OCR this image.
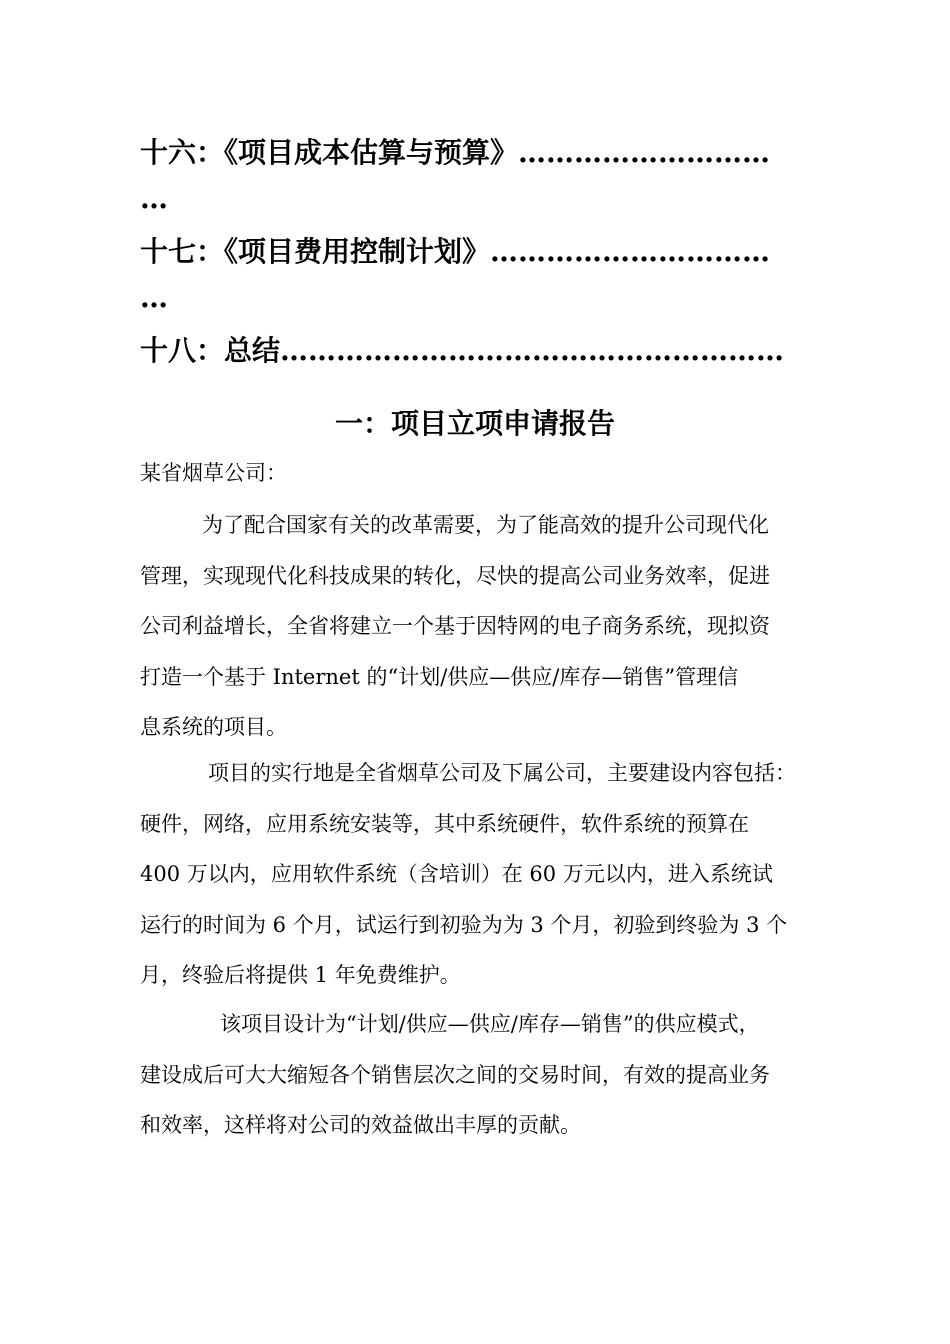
十六：《项目成本估算与预算》………………………
…
十七：《项目费用控制计划》…………………………
…
十八：总结………………………………………………
一：项目立项申请报告
某省烟草公司：
为了配合国家有关的改革需要，为了能高效的提升公司现代化
管理，实现现代化科技成果的转化，尽快的提高公司业务效率，促进
公司利益增长，全省将建立一个基于因特网的电子商务系统，现拟资
打造一个基于 Internet 的“计划/供应—供应/库存—销售”管理信
息系统的项目。
项目的实行地是全省烟草公司及下属公司，主要建设内容包括：
硬件，网络，应用系统安装等，其中系统硬件，软件系统的预算在
400 万以内，应用软件系统（含培训）在 60 万元以内，进入系统试
运行的时间为 6 个月，试运行到初验为为 3 个月，初验到终验为 3 个
月，终验后将提供 1 年免费维护。
该项目设计为“计划/供应—供应/库存—销售”的供应模式，
建设成后可大大缩短各个销售层次之间的交易时间，有效的提高业务
和效率，这样将对公司的效益做出丰厚的贡献。
